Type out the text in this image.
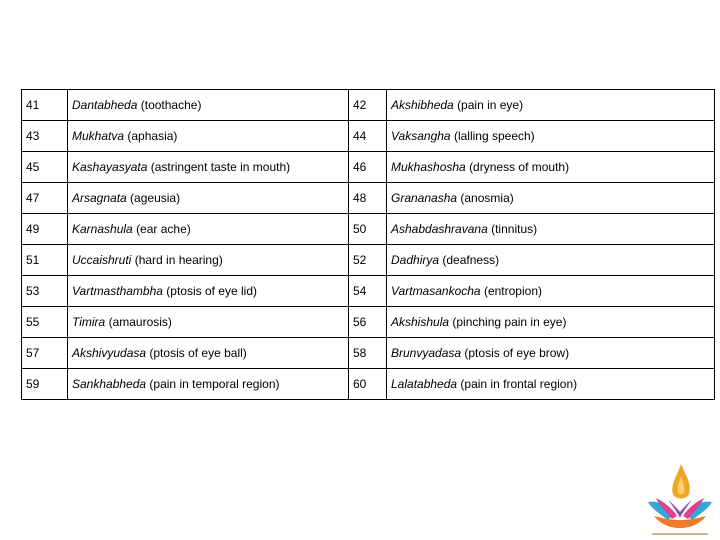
41	Dantabheda (toothache)	42	Akshibheda (pain in eye)
43	Mukhatva (aphasia)	44	Vaksangha (lalling speech)
45	Kashayasyata (astringent taste in mouth)	46	Mukhashosha (dryness of mouth)
47	Arsagnata (ageusia)	48	Grananasha (anosmia)
49	Karnashula (ear ache)	50	Ashabdashravana (tinnitus)
51	Uccaishruti (hard in hearing)	52	Dadhirya (deafness)
53	Vartmasthambha (ptosis of eye lid)	54	Vartmasankocha (entropion)
55	Timira (amaurosis)	56	Akshishula (pinching pain in eye)
57	Akshivyudasa (ptosis of eye ball)	58	Brunvyadasa (ptosis of eye brow)
59	Sankhabheda (pain in temporal region)	60	Lalatabheda (pain in frontal region)
